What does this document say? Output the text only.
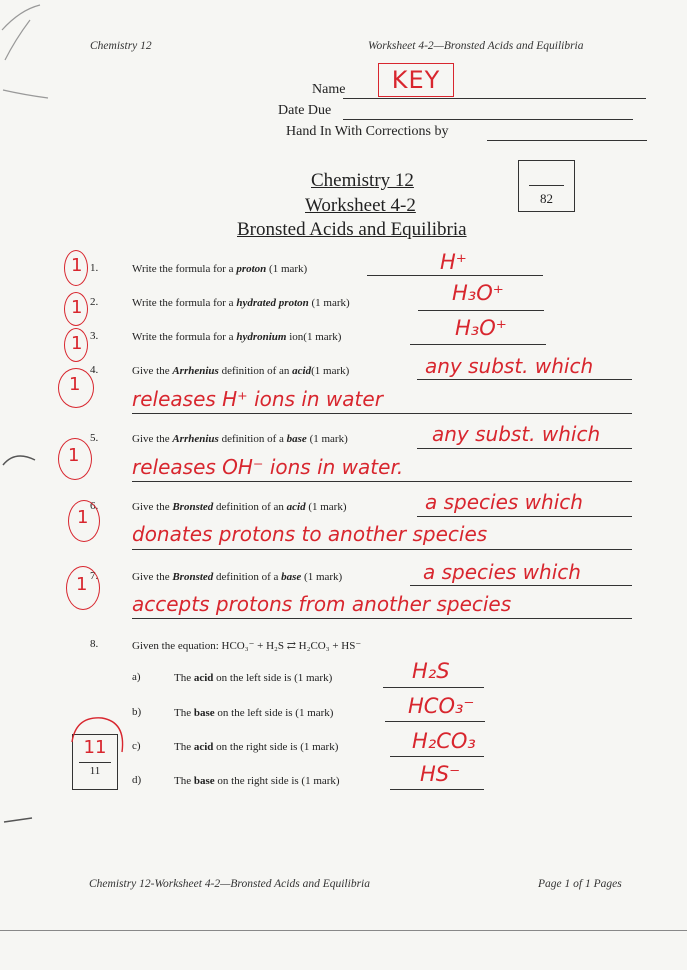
Chemistry 12	Worksheet 4-2—Bronsted Acids and Equilibria
Name	KEY
Date Due
Hand In With Corrections by
Chemistry 12
Worksheet 4-2
Bronsted Acids and Equilibria
82
1.	Write the formula for a proton (1 mark)	H⁺
1
2.	Write the formula for a hydrated proton (1 mark)	H₃O⁺
1
3.	Write the formula for a hydronium ion(1 mark)	H₃O⁺
1
4.	Give the Arrhenius definition of an acid(1 mark)	any subst. which
releases H⁺ ions in water
1
5.	Give the Arrhenius definition of a base (1 mark)	any subst. which
releases OH⁻ ions in water.
1
6.	Give the Bronsted definition of an acid (1 mark)	a species which
donates protons to another species
1
7.	Give the Bronsted definition of a base (1 mark)	a species which
accepts protons from another species
1
8.	Given the equation: HCO₃⁻ + H₂S ⇄ H₂CO₃ + HS⁻
a)	The acid on the left side is (1 mark)	H₂S
b)	The base on the left side is (1 mark)	HCO₃⁻
c)	The acid on the right side is (1 mark)	H₂CO₃
d)	The base on the right side is (1 mark)	HS⁻
11
11
Chemistry 12-Worksheet 4-2—Bronsted Acids and Equilibria	Page 1 of 1 Pages
